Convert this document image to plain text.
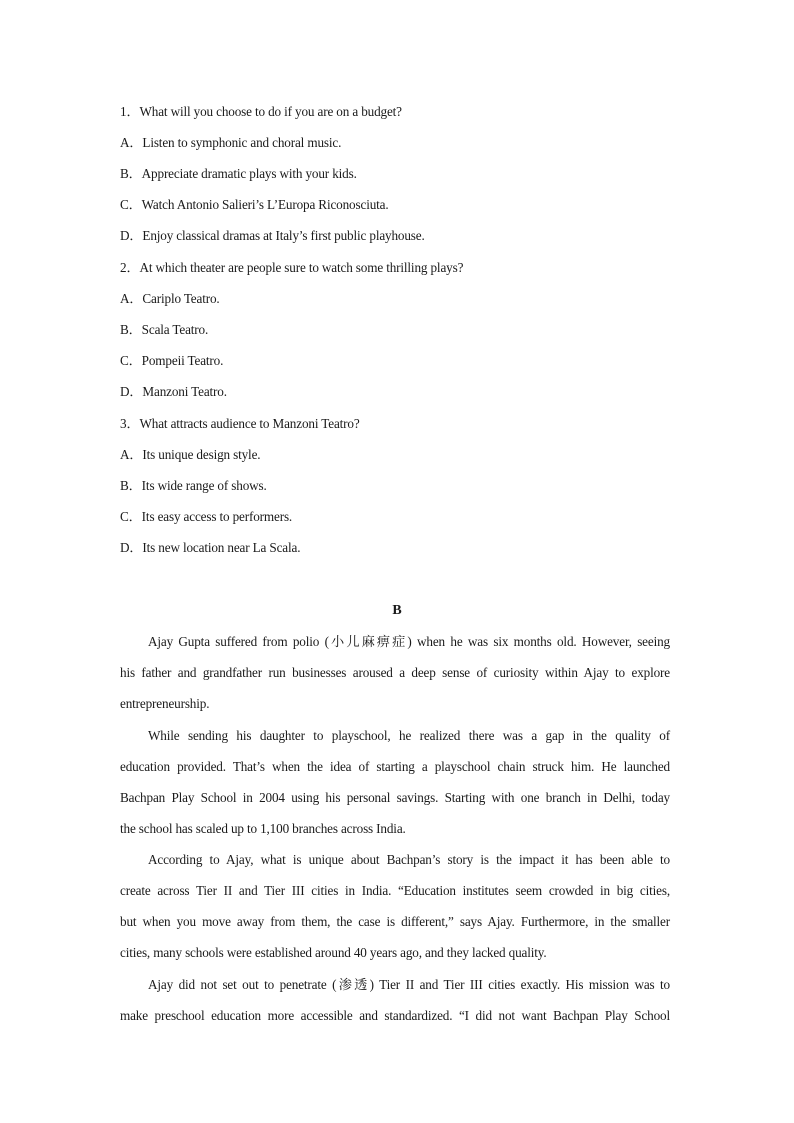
1．What will you choose to do if you are on a budget?
A．Listen to symphonic and choral music.
B．Appreciate dramatic plays with your kids.
C．Watch Antonio Salieri’s L’Europa Riconosciuta.
D．Enjoy classical dramas at Italy’s first public playhouse.
2．At which theater are people sure to watch some thrilling plays?
A．Cariplo Teatro.
B．Scala Teatro.
C．Pompeii Teatro.
D．Manzoni Teatro.
3．What attracts audience to Manzoni Teatro?
A．Its unique design style.
B．Its wide range of shows.
C．Its easy access to performers.
D．Its new location near La Scala.
B
Ajay Gupta suffered from polio (小儿麻痹症) when he was six months old. However, seeing
his father and grandfather run businesses aroused a deep sense of curiosity within Ajay to explore
entrepreneurship.
While sending his daughter to playschool, he realized there was a gap in the quality of
education provided. That’s when the idea of starting a playschool chain struck him. He launched
Bachpan Play School in 2004 using his personal savings. Starting with one branch in Delhi, today
the school has scaled up to 1,100 branches across India.
According to Ajay, what is unique about Bachpan’s story is the impact it has been able to
create across Tier II and Tier III cities in India. “Education institutes seem crowded in big cities,
but when you move away from them, the case is different,” says Ajay. Furthermore, in the smaller
cities, many schools were established around 40 years ago, and they lacked quality.
Ajay did not set out to penetrate (渗透) Tier II and Tier III cities exactly. His mission was to
make preschool education more accessible and standardized. “I did not want Bachpan Play School
